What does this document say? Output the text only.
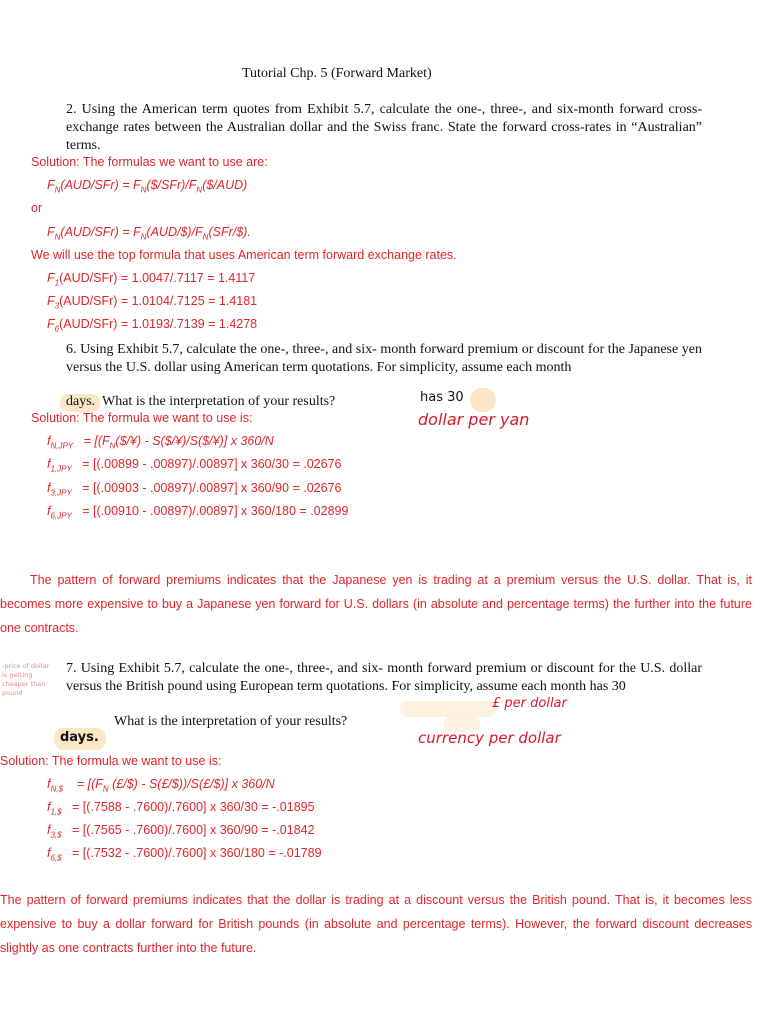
Tutorial Chp. 5 (Forward Market)
2. Using the American term quotes from Exhibit 5.7, calculate the one-, three-, and six-month forward cross- exchange rates between the Australian dollar and the Swiss franc. State the forward cross-rates in “Australian” terms.
Solution: The formulas we want to use are:
$F_N(AUD/SFr)$ = $F_N(\$/SFr)/F_N(\$/AUD)$
or
$F_N(AUD/SFr)$ = $F_N(AUD/\$)/F_N(SFr/\$)$.
We will use the top formula that uses American term forward exchange rates.
$F_1(AUD/SFr) = 1.0047/.7117 = 1.4117$
$F_3(AUD/SFr) = 1.0104/.7125 = 1.4181$
$F_6(AUD/SFr) = 1.0193/.7139 = 1.4278$
6. Using Exhibit 5.7, calculate the one-, three-, and six- month forward premium or discount for the Japanese yen versus the U.S. dollar using American term quotations. For simplicity, assume each month
days. What is the interpretation of your results?	has 30
dollar per yan
Solution: The formula we want to use is:
$f_{N,JPY}$ = [($F_N(\$/¥)$ - S($/¥)/S($/¥)] x 360/N
$f_{1,JPY} = [(.00899 - .00897)/.00897]$ x 360/30 = .02676
$f_{3,JPY} = [(.00903 - .00897)/.00897]$ x 360/90 = .02676
$f_{6,JPY} = [(.00910 - .00897)/.00897]$ x 360/180 = .02899
The pattern of forward premiums indicates that the Japanese yen is trading at a premium versus the U.S. dollar. That is, it becomes more expensive to buy a Japanese yen forward for U.S. dollars (in absolute and percentage terms) the further into the future one contracts.
-price of dollar is getting cheaper than pound
7. Using Exhibit 5.7, calculate the one-, three-, and six- month forward premium or discount for the U.S. dollar versus the British pound using European term quotations. For simplicity, assume each month has 30
What is the interpretation of your results?
days.
£ per dollar
currency per dollar
Solution: The formula we want to use is:
$f_{N,\$} = [(F_N$ (£/$) - S(£/$))/S(£/$)] x 360/N
$f_{1,\$} = [(.7588 - .7600)/.7600]$ x 360/30 = -.01895
$f_{3,\$} = [(.7565 - .7600)/.7600]$ x 360/90 = -.01842
$f_{6,\$} = [(.7532 - .7600)/.7600]$ x 360/180 = -.01789
The pattern of forward premiums indicates that the dollar is trading at a discount versus the British pound. That is, it becomes less expensive to buy a dollar forward for British pounds (in absolute and percentage terms). However, the forward discount decreases slightly as one contracts further into the future.
